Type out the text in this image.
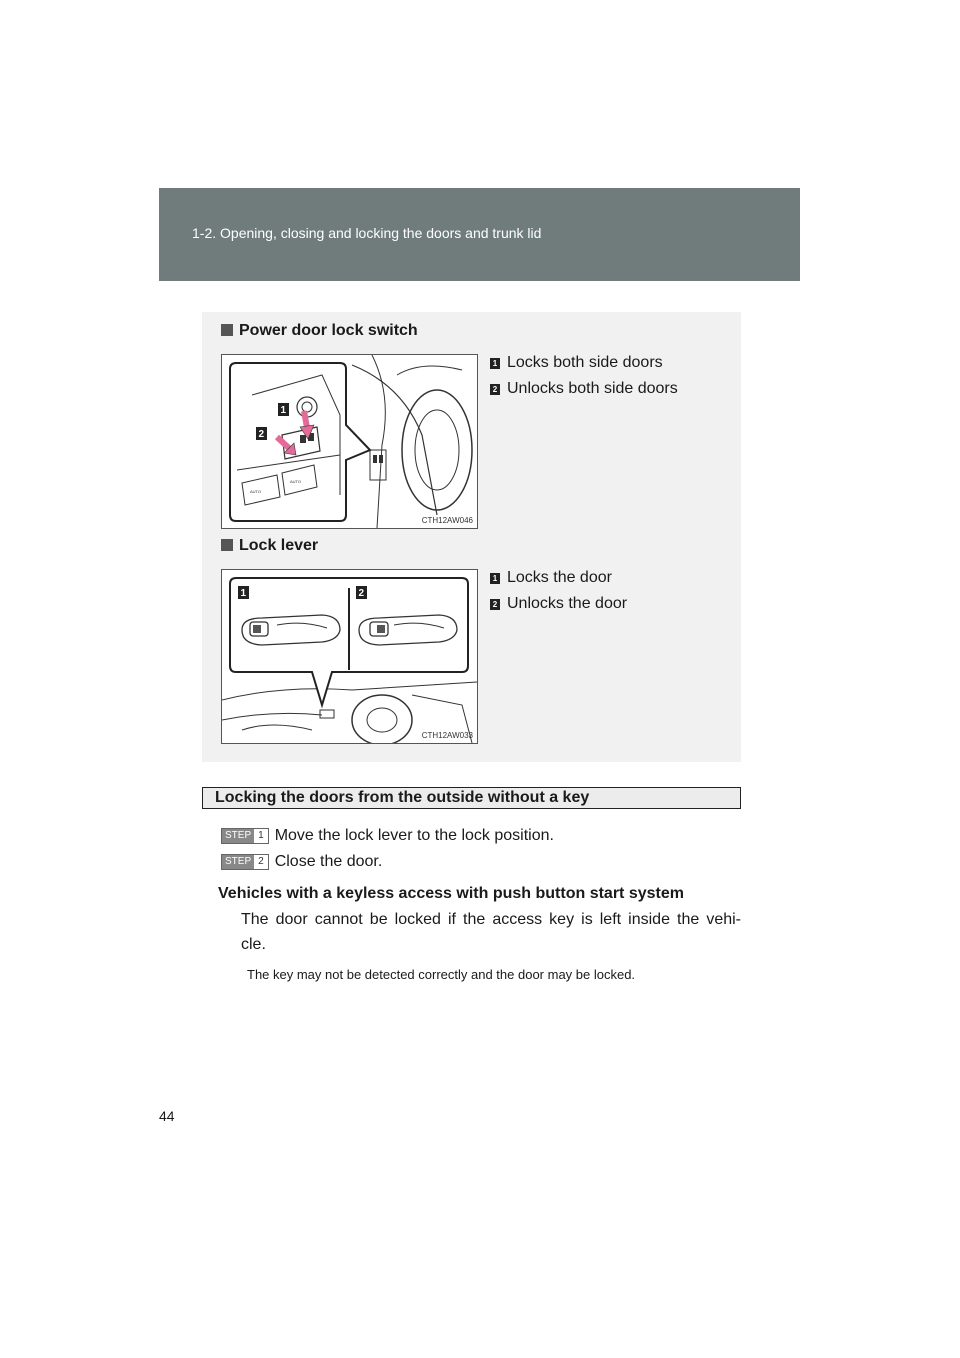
1-2. Opening, closing and locking the doors and trunk lid
Power door lock switch
AUTO
AUTO
1
2
CTH12AW046
1 Locks both side doors
2 Unlocks both side doors
Lock lever
1	2
CTH12AW033
1 Locks the door
2 Unlocks the door
Locking the doors from the outside without a key
STEP 1 Move the lock lever to the lock position.
STEP 2 Close the door.
Vehicles with a keyless access with push button start system
The door cannot be locked if the access key is left inside the vehi-
cle.
The key may not be detected correctly and the door may be locked.
44
